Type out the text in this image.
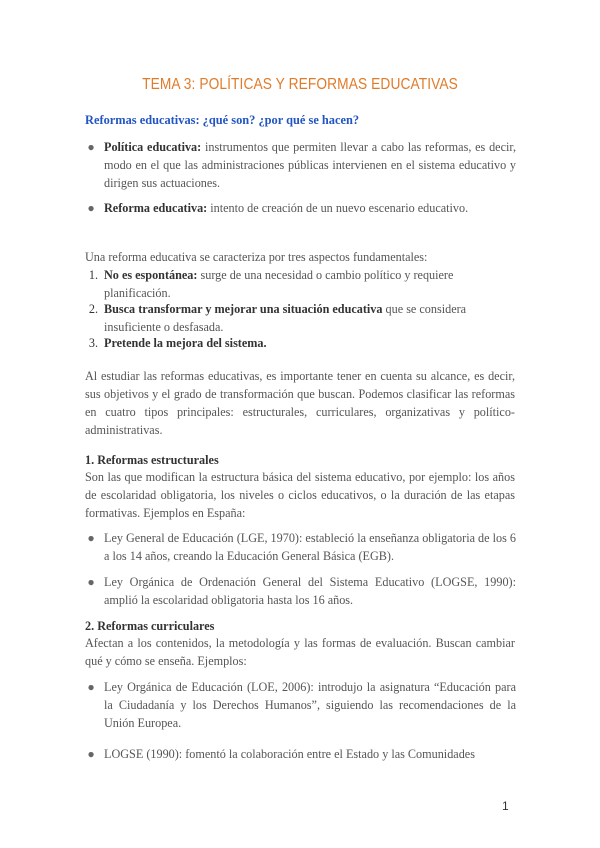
TEMA 3: POLÍTICAS Y REFORMAS EDUCATIVAS

Reformas educativas: ¿qué son? ¿por qué se hacen?

● Política educativa: instrumentos que permiten llevar a cabo las reformas, es decir, modo en el que las administraciones públicas intervienen en el sistema educativo y dirigen sus actuaciones.
● Reforma educativa: intento de creación de un nuevo escenario educativo.
Una reforma educativa se caracteriza por tres aspectos fundamentales:
1. No es espontánea: surge de una necesidad o cambio político y requiere planificación.
2. Busca transformar y mejorar una situación educativa que se considera insuficiente o desfasada.
3. Pretende la mejora del sistema.
Al estudiar las reformas educativas, es importante tener en cuenta su alcance, es decir, sus objetivos y el grado de transformación que buscan. Podemos clasificar las reformas en cuatro tipos principales: estructurales, curriculares, organizativas y político-administrativas.
1. Reformas estructurales
Son las que modifican la estructura básica del sistema educativo, por ejemplo: los años de escolaridad obligatoria, los niveles o ciclos educativos, o la duración de las etapas formativas. Ejemplos en España:
● Ley General de Educación (LGE, 1970): estableció la enseñanza obligatoria de los 6 a los 14 años, creando la Educación General Básica (EGB).
● Ley Orgánica de Ordenación General del Sistema Educativo (LOGSE, 1990): amplió la escolaridad obligatoria hasta los 16 años.
2. Reformas curriculares
Afectan a los contenidos, la metodología y las formas de evaluación. Buscan cambiar qué y cómo se enseña. Ejemplos:
● Ley Orgánica de Educación (LOE, 2006): introdujo la asignatura “Educación para la Ciudadanía y los Derechos Humanos”, siguiendo las recomendaciones de la Unión Europea.
● LOGSE (1990): fomentó la colaboración entre el Estado y las Comunidades
1
